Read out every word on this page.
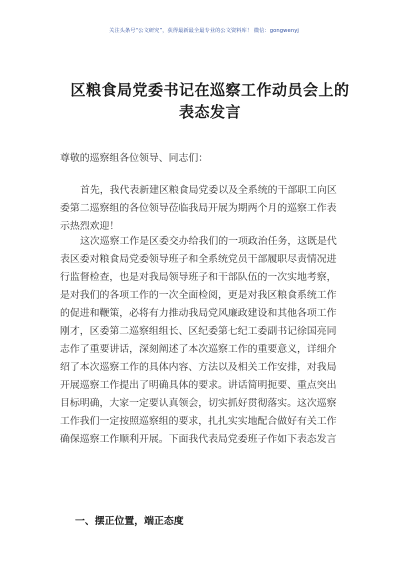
关注头条号“公文研究”，获得最新最全最专业的公文资料库！ 微信：gongwenyj
区粮食局党委书记在巡察工作动员会上的
表态发言
尊敬的巡察组各位领导、同志们：
首先，我代表新建区粮食局党委以及全系统的干部职工向区
委第二巡察组的各位领导莅临我局开展为期两个月的巡察工作表
示热烈欢迎！
这次巡察工作是区委交办给我们的一项政治任务，这既是代
表区委对粮食局党委领导班子和全系统党员干部履职尽责情况进
行监督检查，也是对我局领导班子和干部队伍的一次实地考察，
是对我们的各项工作的一次全面检阅，更是对我区粮食系统工作
的促进和鞭策，必将有力推动我局党风廉政建设和其他各项工作
刚才，区委第二巡察组组长、区纪委第七纪工委副书记徐国亮同
志作了重要讲话，深刻阐述了本次巡察工作的重要意义，详细介
绍了本次巡察工作的具体内容、方法以及相关工作安排，对我局
开展巡察工作提出了明确具体的要求。讲话简明扼要、重点突出
目标明确，大家一定要认真领会，切实抓好贯彻落实。这次巡察
工作我们一定按照巡察组的要求，扎扎实实地配合做好有关工作
确保巡察工作顺利开展。下面我代表局党委班子作如下表态发言
一、摆正位置，端正态度
